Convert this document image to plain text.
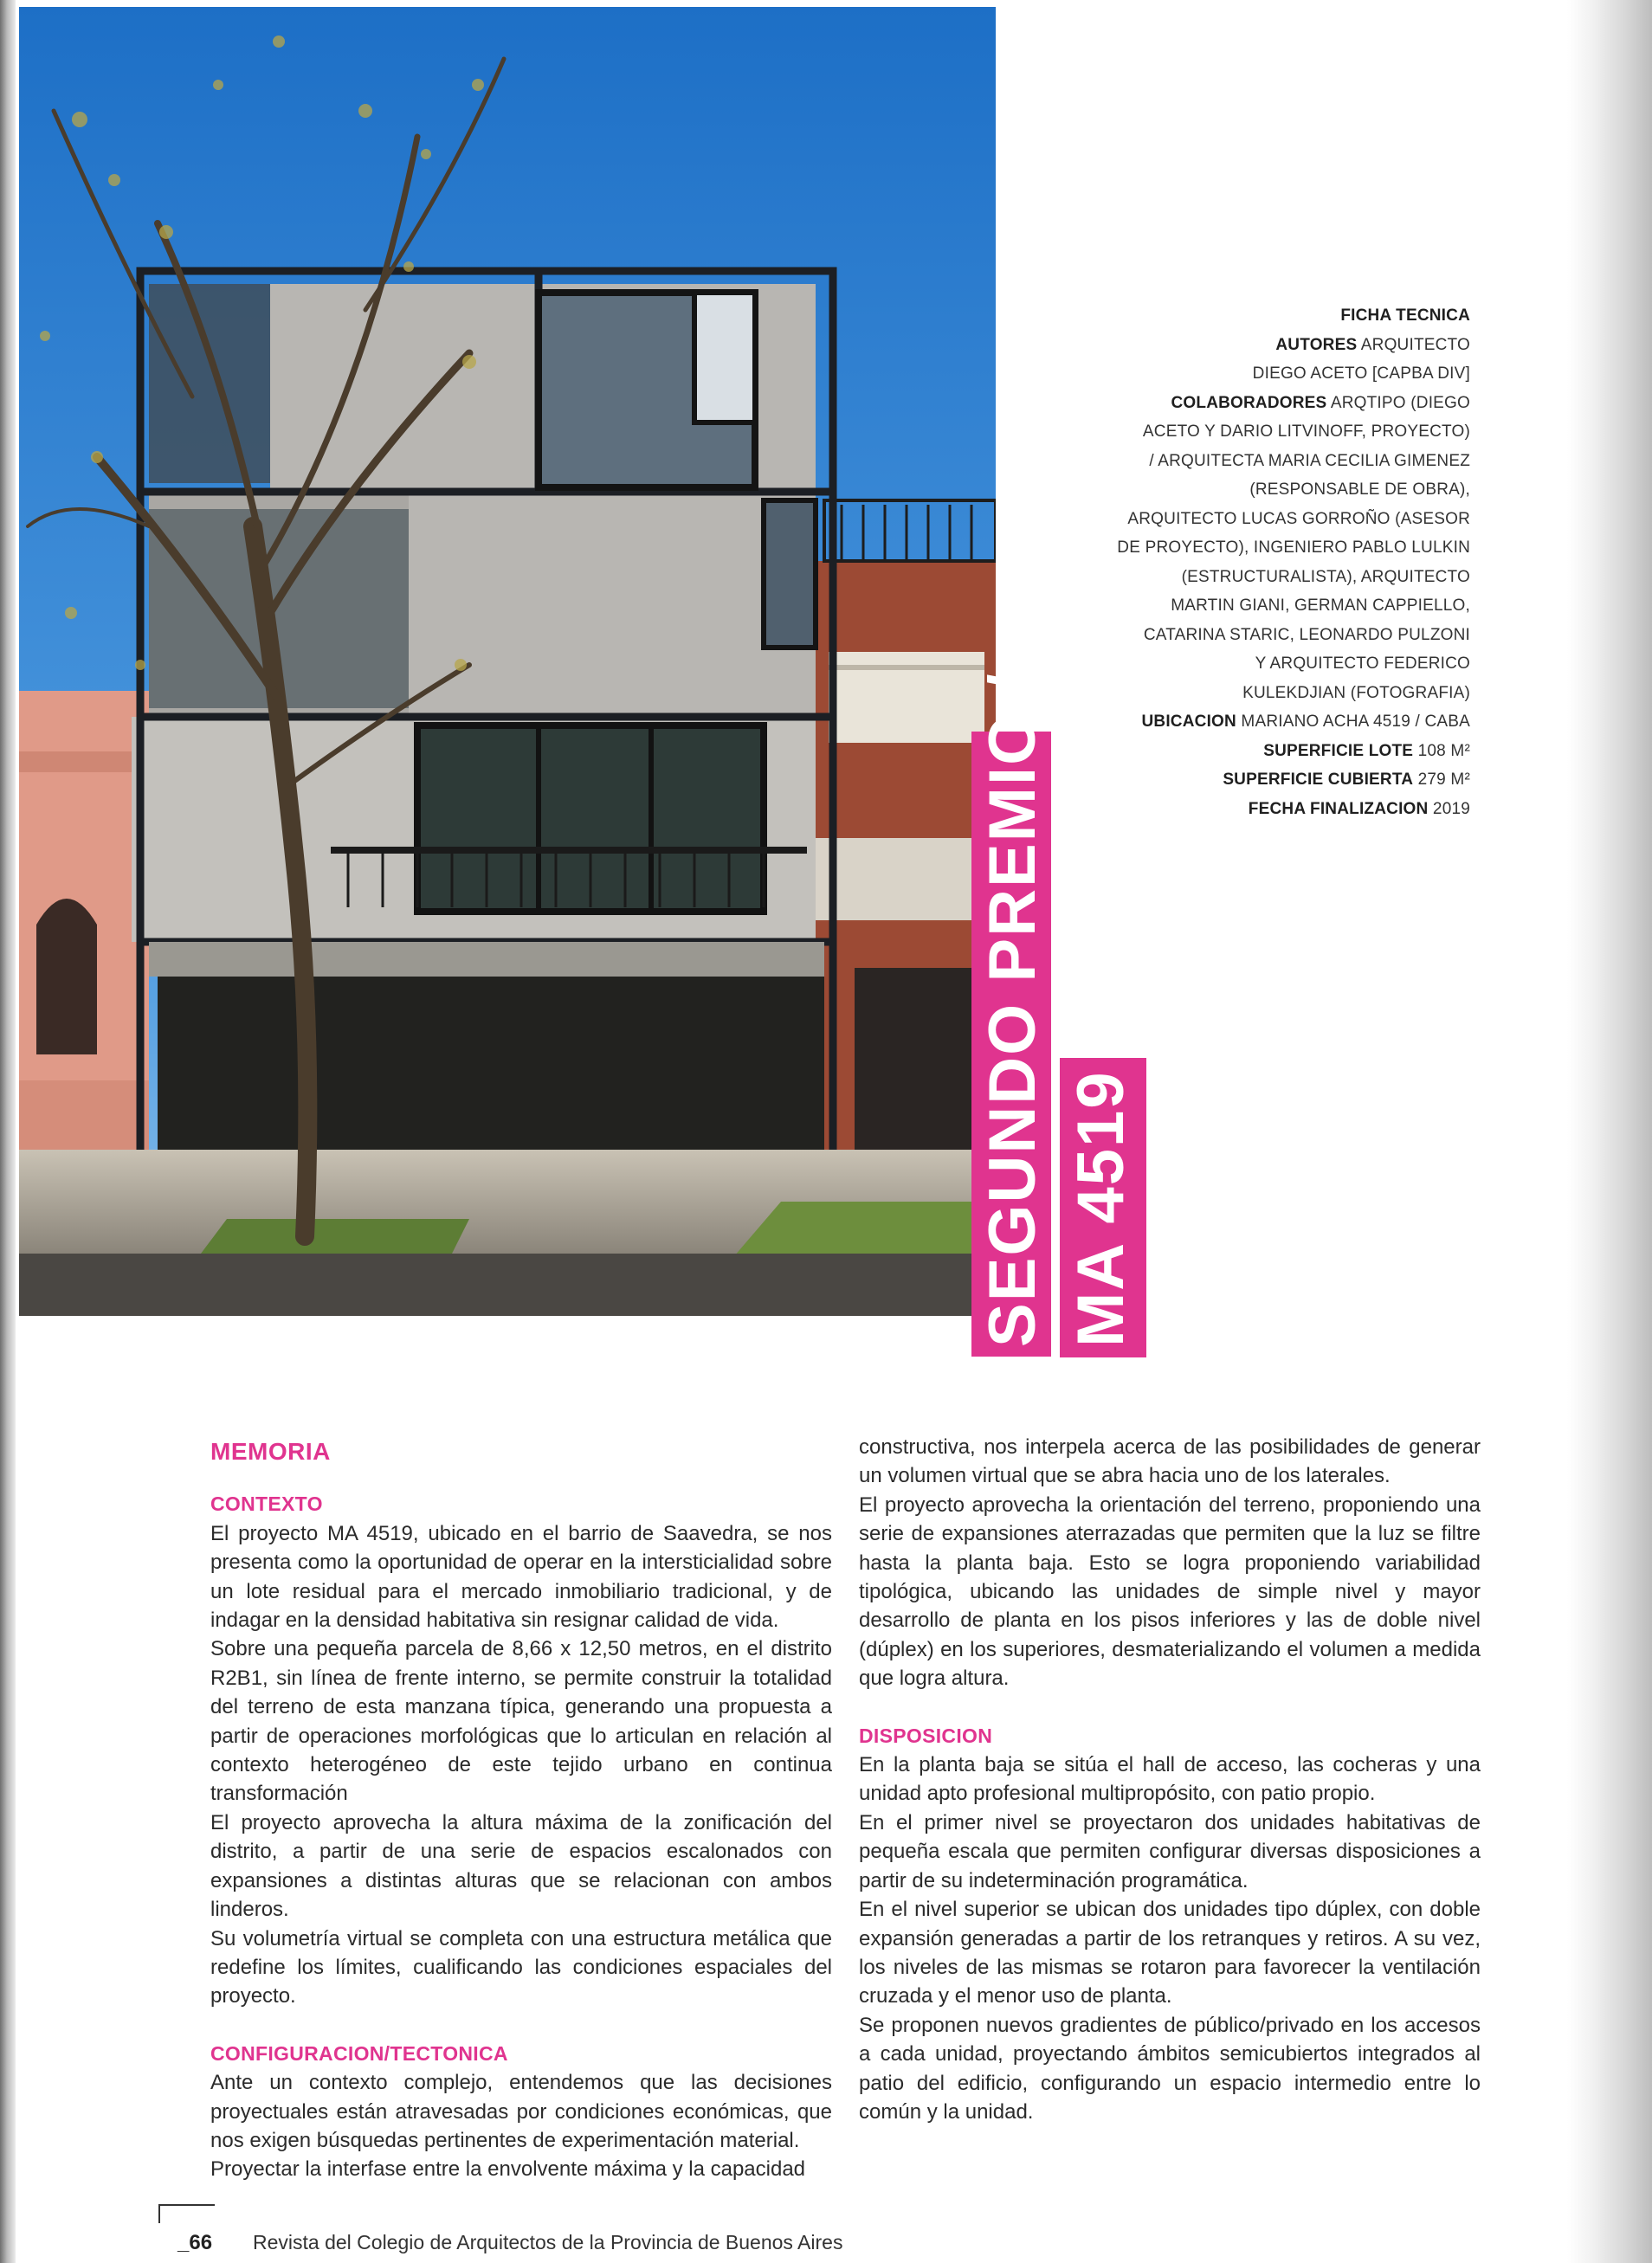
FICHA TECNICA
AUTORES ARQUITECTO
DIEGO ACETO [CAPBA DIV]
COLABORADORES ARQTIPO (DIEGO
ACETO Y DARIO LITVINOFF, PROYECTO)
/ ARQUITECTA MARIA CECILIA GIMENEZ
(RESPONSABLE DE OBRA),
ARQUITECTO LUCAS GORROÑO (ASESOR
DE PROYECTO), INGENIERO PABLO LULKIN
(ESTRUCTURALISTA), ARQUITECTO
MARTIN GIANI, GERMAN CAPPIELLO,
CATARINA STARIC, LEONARDO PULZONI
Y ARQUITECTO FEDERICO
KULEKDJIAN (FOTOGRAFIA)
UBICACION MARIANO ACHA 4519 / CABA
SUPERFICIE LOTE 108 M²
SUPERFICIE CUBIERTA 279 M²
FECHA FINALIZACION 2019
SEGUNDO PREMIO / MA 4519
MEMORIA
CONTEXTO

El proyecto MA 4519, ubicado en el barrio de Saavedra, se nos presenta como la oportunidad de operar en la intersticialidad sobre un lote residual para el mercado inmobiliario tradicional, y de indagar en la densidad habitativa sin resignar calidad de vida.

Sobre una pequeña parcela de 8,66 x 12,50 metros, en el distrito R2B1, sin línea de frente interno, se permite construir la totalidad del terreno de esta manzana típica, generando una propuesta a partir de operaciones morfológicas que lo articulan en relación al contexto heterogéneo de este tejido urbano en continua transformación

El proyecto aprovecha la altura máxima de la zonificación del distrito, a partir de una serie de espacios escalonados con expansiones a distintas alturas que se relacionan con ambos linderos.

Su volumetría virtual se completa con una estructura metálica que redefine los límites, cualificando las condiciones espaciales del proyecto.

CONFIGURACION/TECTONICA

Ante un contexto complejo, entendemos que las decisiones proyectuales están atravesadas por condiciones económicas, que nos exigen búsquedas pertinentes de experimentación material.

Proyectar la interfase entre la envolvente máxima y la capacidad

constructiva, nos interpela acerca de las posibilidades de generar un volumen virtual que se abra hacia uno de los laterales.

El proyecto aprovecha la orientación del terreno, proponiendo una serie de expansiones aterrazadas que permiten que la luz se filtre hasta la planta baja. Esto se logra proponiendo variabilidad tipológica, ubicando las unidades de simple nivel y mayor desarrollo de planta en los pisos inferiores y las de doble nivel (dúplex) en los superiores, desmaterializando el volumen a medida que logra altura.

DISPOSICION

En la planta baja se sitúa el hall de acceso, las cocheras y una unidad apto profesional multipropósito, con patio propio.

En el primer nivel se proyectaron dos unidades habitativas de pequeña escala que permiten configurar diversas disposiciones a partir de su indeterminación programática.

En el nivel superior se ubican dos unidades tipo dúplex, con doble expansión generadas a partir de los retranques y retiros. A su vez, los niveles de las mismas se rotaron para favorecer la ventilación cruzada y el menor uso de planta.

Se proponen nuevos gradientes de público/privado en los accesos a cada unidad, proyectando ámbitos semicubiertos integrados al patio del edificio, configurando un espacio intermedio entre lo común y la unidad.

_ 66 Revista del Colegio de Arquitectos de la Provincia de Buenos Aires
